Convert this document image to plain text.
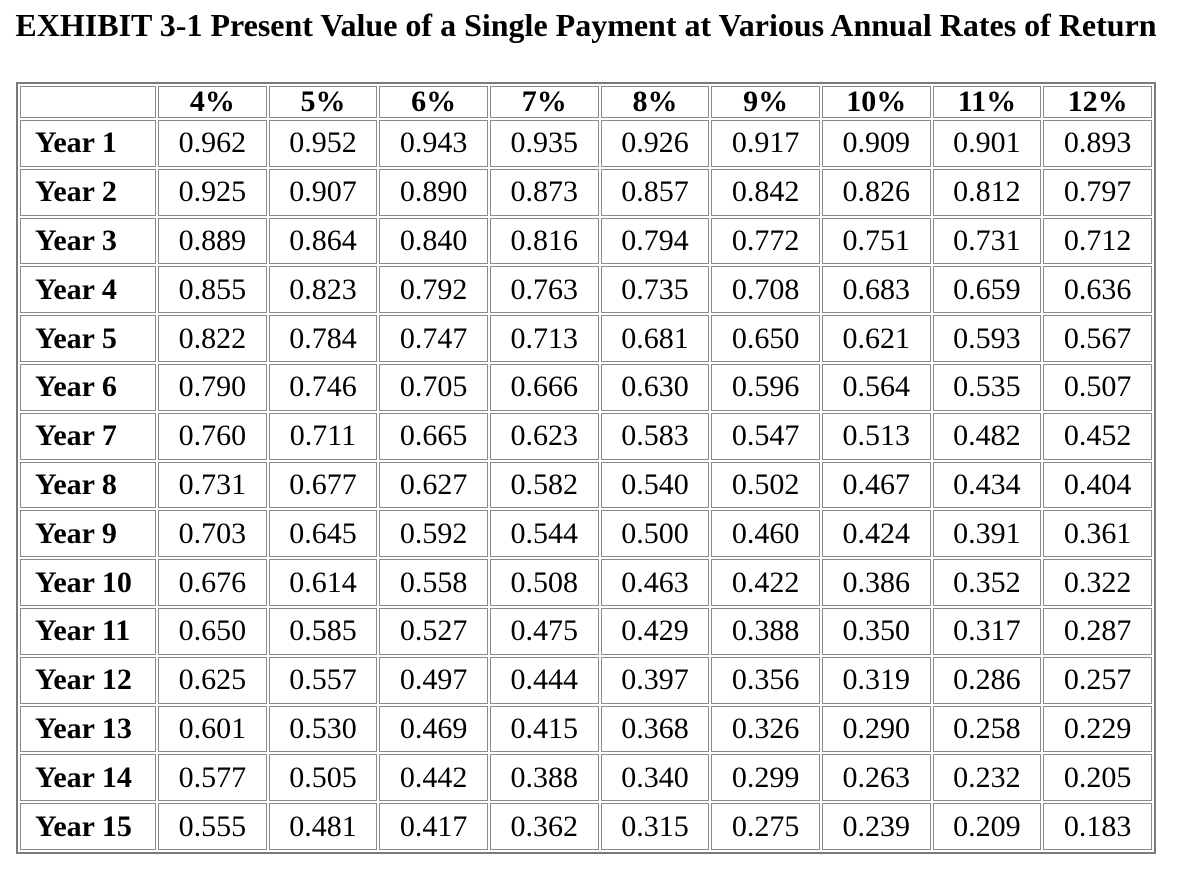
EXHIBIT 3-1 Present Value of a Single Payment at Various Annual Rates of Return
	4%	5%	6%	7%	8%	9%	10%	11%	12%
Year 1	0.962	0.952	0.943	0.935	0.926	0.917	0.909	0.901	0.893
Year 2	0.925	0.907	0.890	0.873	0.857	0.842	0.826	0.812	0.797
Year 3	0.889	0.864	0.840	0.816	0.794	0.772	0.751	0.731	0.712
Year 4	0.855	0.823	0.792	0.763	0.735	0.708	0.683	0.659	0.636
Year 5	0.822	0.784	0.747	0.713	0.681	0.650	0.621	0.593	0.567
Year 6	0.790	0.746	0.705	0.666	0.630	0.596	0.564	0.535	0.507
Year 7	0.760	0.711	0.665	0.623	0.583	0.547	0.513	0.482	0.452
Year 8	0.731	0.677	0.627	0.582	0.540	0.502	0.467	0.434	0.404
Year 9	0.703	0.645	0.592	0.544	0.500	0.460	0.424	0.391	0.361
Year 10	0.676	0.614	0.558	0.508	0.463	0.422	0.386	0.352	0.322
Year 11	0.650	0.585	0.527	0.475	0.429	0.388	0.350	0.317	0.287
Year 12	0.625	0.557	0.497	0.444	0.397	0.356	0.319	0.286	0.257
Year 13	0.601	0.530	0.469	0.415	0.368	0.326	0.290	0.258	0.229
Year 14	0.577	0.505	0.442	0.388	0.340	0.299	0.263	0.232	0.205
Year 15	0.555	0.481	0.417	0.362	0.315	0.275	0.239	0.209	0.183
